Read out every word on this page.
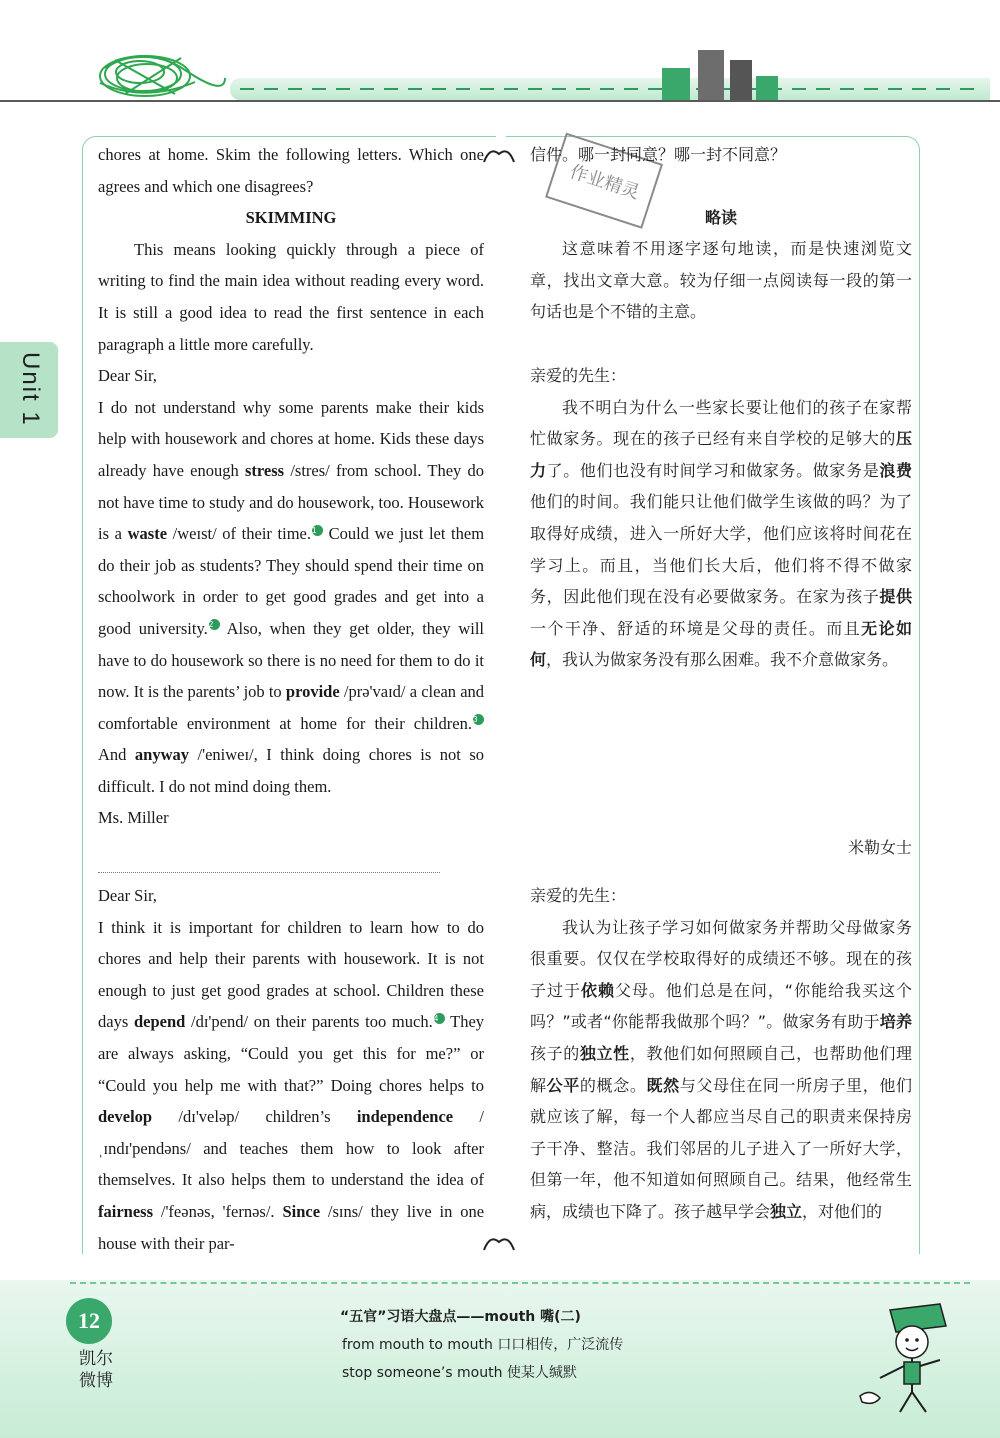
Unit 1
作业精灵

chores at home. Skim the following letters. Which one agrees and which one disagrees?

SKIMMING

This means looking quickly through a piece of writing to find the main idea without reading every word. It is still a good idea to read the first sentence in each paragraph a little more carefully.

Dear Sir,

I do not understand why some parents make their kids help with housework and chores at home. Kids these days already have enough stress /stres/ from school. They do not have time to study and do housework, too. Housework is a waste /weɪst/ of their time.1 Could we just let them do their job as students? They should spend their time on schoolwork in order to get good grades and get into a good university.2 Also, when they get older, they will have to do housework so there is no need for them to do it now. It is the parents’ job to provide /prə'vaɪd/ a clean and comfortable environment at home for their children.3 And anyway /'eniweɪ/, I think doing chores is not so difficult. I do not mind doing them.

Ms. Miller

Dear Sir,

I think it is important for children to learn how to do chores and help their parents with housework. It is not enough to just get good grades at school. Children these days depend /dɪ'pend/ on their parents too much.4 They are always asking, “Could you get this for me?” or “Could you help me with that?” Doing chores helps to develop /dɪ'veləp/ children’s independence /ˌɪndɪ'pendəns/ and teaches them how to look after themselves. It also helps them to understand the idea of fairness /'feənəs, 'fernəs/. Since /sɪns/ they live in one house with their par-

信件。哪一封同意？哪一封不同意？

略读

这意味着不用逐字逐句地读，而是快速浏览文章，找出文章大意。较为仔细一点阅读每一段的第一句话也是个不错的主意。

亲爱的先生：

我不明白为什么一些家长要让他们的孩子在家帮忙做家务。现在的孩子已经有来自学校的足够大的压力了。他们也没有时间学习和做家务。做家务是浪费他们的时间。我们能只让他们做学生该做的吗？为了取得好成绩，进入一所好大学，他们应该将时间花在学习上。而且，当他们长大后，他们将不得不做家务，因此他们现在没有必要做家务。在家为孩子提供一个干净、舒适的环境是父母的责任。而且无论如何，我认为做家务没有那么困难。我不介意做家务。

米勒女士

亲爱的先生：

我认为让孩子学习如何做家务并帮助父母做家务很重要。仅仅在学校取得好的成绩还不够。现在的孩子过于依赖父母。他们总是在问，“你能给我买这个吗？”或者“你能帮我做那个吗？”。做家务有助于培养孩子的独立性，教他们如何照顾自己，也帮助他们理解公平的概念。既然与父母住在同一所房子里，他们就应该了解，每一个人都应当尽自己的职责来保持房子干净、整洁。我们邻居的儿子进入了一所好大学，但第一年，他不知道如何照顾自己。结果，他经常生病，成绩也下降了。孩子越早学会独立，对他们的

12
凯尔
微博
“五官”习语大盘点——mouth 嘴(二)
from mouth to mouth 口口相传，广泛流传
stop someone’s mouth 使某人缄默
